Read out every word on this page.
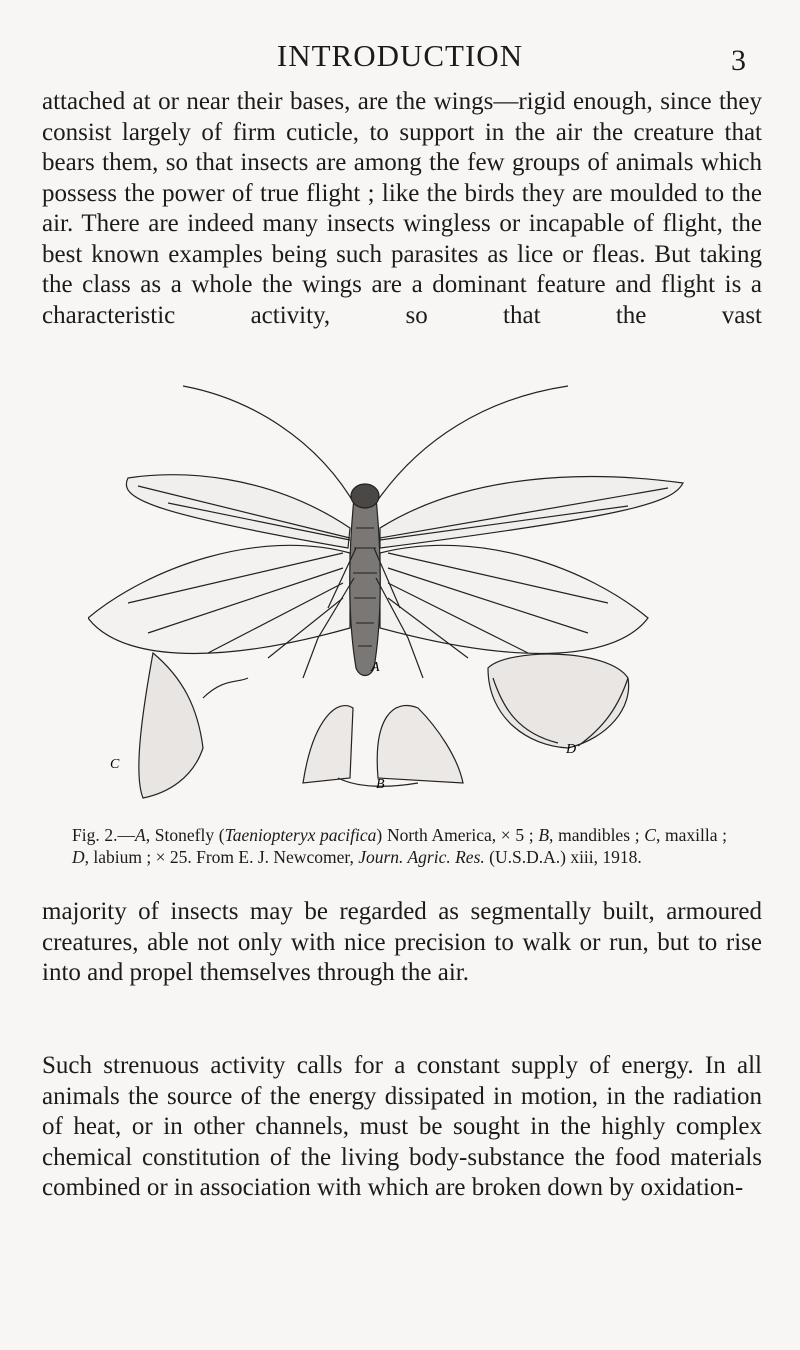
INTRODUCTION	3

attached at or near their bases, are the wings—rigid enough, since they consist largely of firm cuticle, to support in the air the creature that bears them, so that insects are among the few groups of animals which possess the power of true flight ; like the birds they are moulded to the air. There are indeed many insects wingless or incapable of flight, the best known examples being such parasites as lice or fleas. But taking the class as a whole the wings are a dominant feature and flight is a characteristic activity, so that the vast

C
A
B
D

Fig. 2.—A, Stonefly (Taeniopteryx pacifica) North America, × 5 ; B, mandibles ; C, maxilla ; D, labium ; × 25. From E. J. Newcomer, Journ. Agric. Res. (U.S.D.A.) xiii, 1918.

majority of insects may be regarded as segmentally built, armoured creatures, able not only with nice precision to walk or run, but to rise into and propel themselves through the air.

Such strenuous activity calls for a constant supply of energy. In all animals the source of the energy dissipated in motion, in the radiation of heat, or in other channels, must be sought in the highly complex chemical constitution of the living body-substance the food materials combined or in association with which are broken down by oxidation-
